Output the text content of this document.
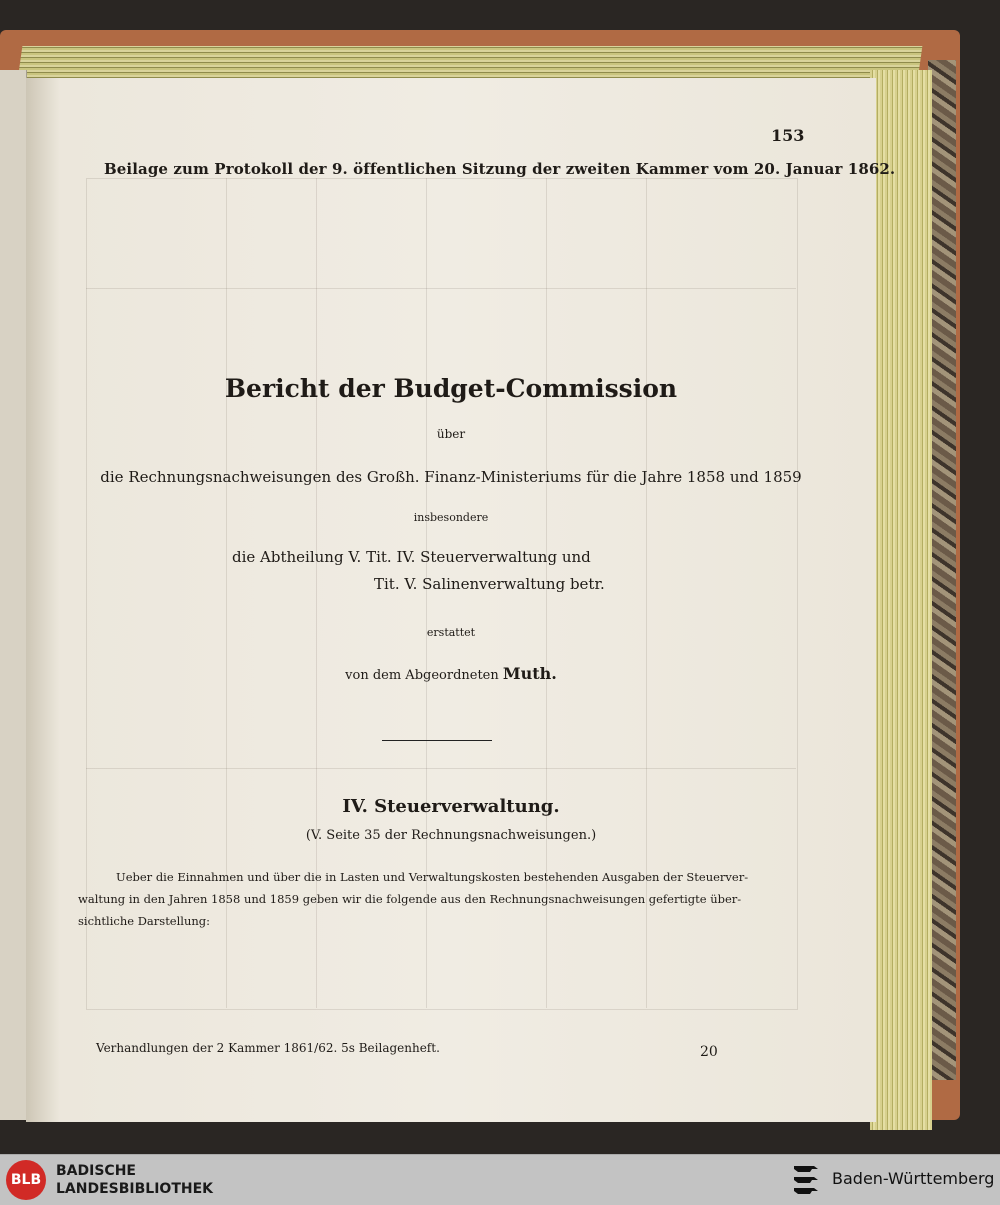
153
Beilage zum Protokoll der 9. öffentlichen Sitzung der zweiten Kammer vom 20. Januar 1862.
Bericht der Budget-Commission
über
die Rechnungsnachweisungen des Großh. Finanz-Ministeriums für die Jahre 1858 und 1859
insbesondere
die Abtheilung V. Tit. IV. Steuerverwaltung und
Tit. V. Salinenverwaltung betr.
erstattet
von dem Abgeordneten Muth.
IV. Steuerverwaltung.
(V. Seite 35 der Rechnungsnachweisungen.)
Ueber die Einnahmen und über die in Lasten und Verwaltungskosten bestehenden Ausgaben der Steuerver-
waltung in den Jahren 1858 und 1859 geben wir die folgende aus den Rechnungsnachweisungen gefertigte über-
sichtliche Darstellung:
Verhandlungen der 2 Kammer 1861/62. 5s Beilagenheft.	20
BLB
BADISCHE
LANDESBIBLIOTHEK
Baden-Württemberg
